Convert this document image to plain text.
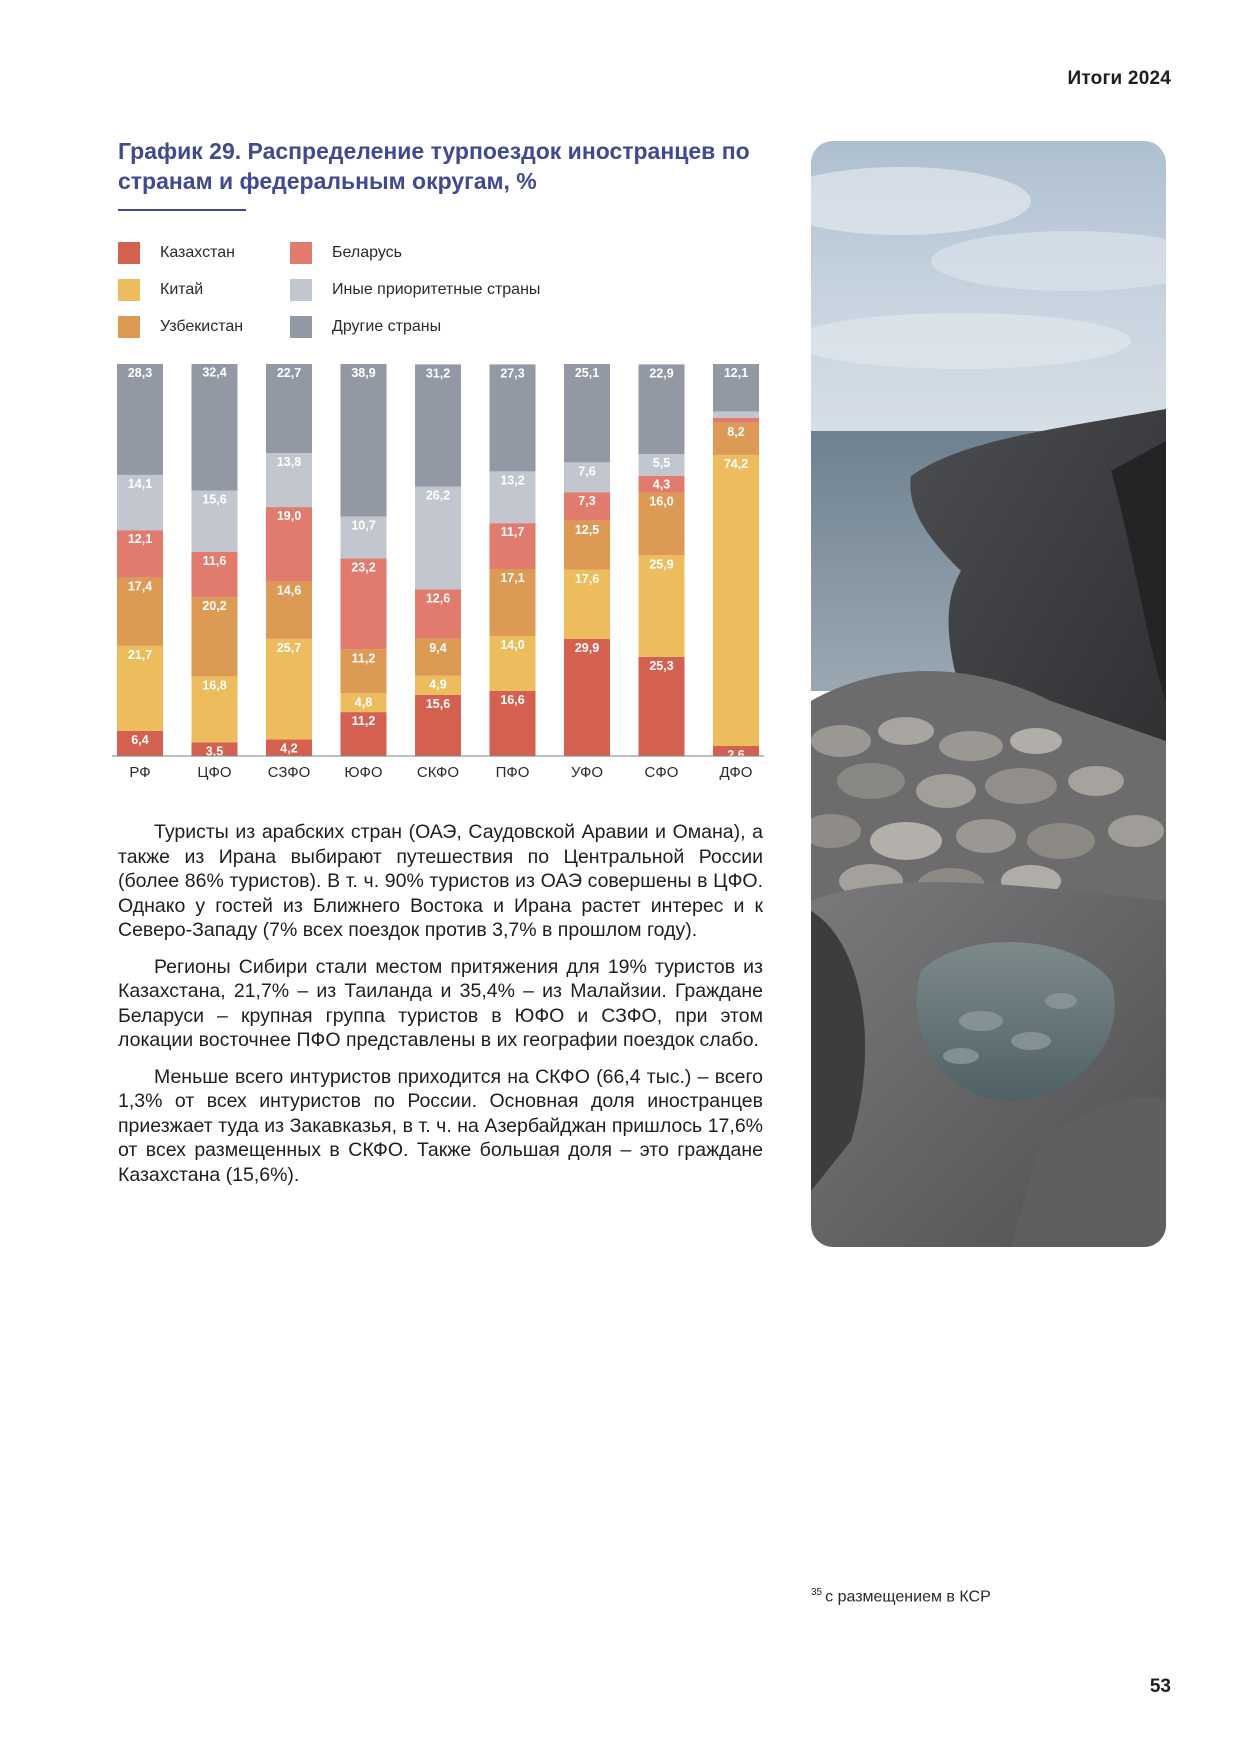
Итоги 2024
График 29. Распределение турпоездок иностранцев по странам и федеральным округам, %
Казахстан	Беларусь
Китай	Иные приоритетные страны
Узбекистан	Другие страны
6,4
21,7
17,4
12,1
14,1
28,3
РФ
3,5
16,8
20,2
11,6
15,6
32,4
ЦФО
4,2
25,7
14,6
19,0
13,8
22,7
СЗФО
11,2
4,8
11,2
23,2
10,7
38,9
ЮФО
15,6
4,9
9,4
12,6
26,2
31,2
СКФО
16,6
14,0
17,1
11,7
13,2
27,3
ПФО
29,9
17,6
12,5
7,3
7,6
25,1
УФО
25,3
25,9
16,0
4,3
5,5
22,9
СФО
2,6
74,2
8,2
12,1
ДФО

Туристы из арабских стран (ОАЭ, Саудовской Аравии и Омана), а также из Ирана выбирают путешествия по Центральной России (более 86% туристов). В т. ч. 90% туристов из ОАЭ совершены в ЦФО. Однако у гостей из Ближнего Востока и Ирана растет интерес и к Северо-Западу (7% всех поездок против 3,7% в прошлом году).

Регионы Сибири стали местом притяжения для 19% туристов из Казахстана, 21,7% – из Таиланда и 35,4% – из Малайзии. Граждане Беларуси – крупная группа туристов в ЮФО и СЗФО, при этом локации восточнее ПФО представлены в их географии поездок слабо.

Меньше всего интуристов приходится на СКФО (66,4 тыс.) – всего 1,3% от всех интуристов по России. Основная доля иностранцев приезжает туда из Закавказья, в т. ч. на Азербайджан пришлось 17,6% от всех размещенных в СКФО. Также большая доля – это граждане Казахстана (15,6%).

$^{35}$ с размещением в КСР
53
